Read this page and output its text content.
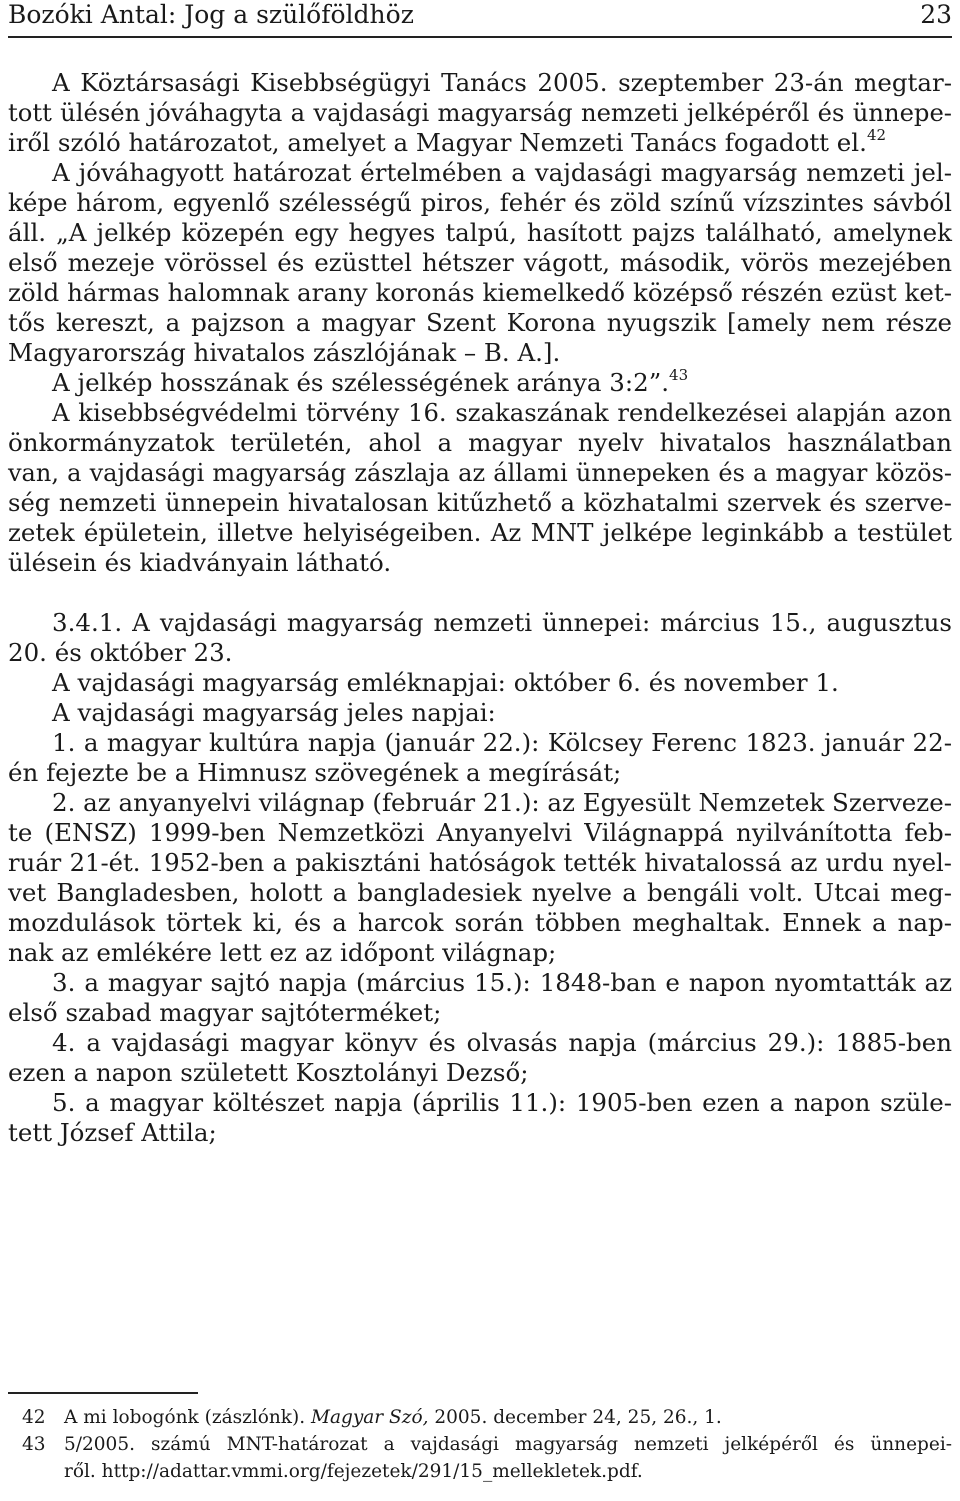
Bozóki Antal: Jog a szülőföldhöz	23
A Köztársasági Kisebbségügyi Tanács 2005. szeptember 23-án megtar-
tott ülésén jóváhagyta a vajdasági magyarság nemzeti jelképéről és ünnepe-
iről szóló határozatot, amelyet a Magyar Nemzeti Tanács fogadott el.$^{42}$
A jóváhagyott határozat értelmében a vajdasági magyarság nemzeti jel-
képe három, egyenlő szélességű piros, fehér és zöld színű vízszintes sávból
áll. „A jelkép közepén egy hegyes talpú, hasított pajzs található, amelynek
első mezeje vörössel és ezüsttel hétszer vágott, második, vörös mezejében
zöld hármas halomnak arany koronás kiemelkedő középső részén ezüst ket-
tős kereszt, a pajzson a magyar Szent Korona nyugszik [amely nem része
Magyarország hivatalos zászlójának – B. A.].
A jelkép hosszának és szélességének aránya 3:2”.$^{43}$
A kisebbségvédelmi törvény 16. szakaszának rendelkezései alapján azon
önkormányzatok területén, ahol a magyar nyelv hivatalos használatban
van, a vajdasági magyarság zászlaja az állami ünnepeken és a magyar közös-
ség nemzeti ünnepein hivatalosan kitűzhető a közhatalmi szervek és szerve-
zetek épületein, illetve helyiségeiben. Az MNT jelképe leginkább a testület
ülésein és kiadványain látható.
3.4.1. A vajdasági magyarság nemzeti ünnepei: március 15., augusztus
20. és október 23.
A vajdasági magyarság emléknapjai: október 6. és november 1.
A vajdasági magyarság jeles napjai:
1. a magyar kultúra napja (január 22.): Kölcsey Ferenc 1823. január 22-
én fejezte be a Himnusz szövegének a megírását;
2. az anyanyelvi világnap (február 21.): az Egyesült Nemzetek Szerveze-
te (ENSZ) 1999-ben Nemzetközi Anyanyelvi Világnappá nyilvánította feb-
ruár 21-ét. 1952-ben a pakisztáni hatóságok tették hivatalossá az urdu nyel-
vet Bangladesben, holott a bangladesiek nyelve a bengáli volt. Utcai meg-
mozdulások törtek ki, és a harcok során többen meghaltak. Ennek a nap-
nak az emlékére lett ez az időpont világnap;
3. a magyar sajtó napja (március 15.): 1848-ban e napon nyomtatták az
első szabad magyar sajtóterméket;
4. a vajdasági magyar könyv és olvasás napja (március 29.): 1885-ben
ezen a napon született Kosztolányi Dezső;
5. a magyar költészet napja (április 11.): 1905-ben ezen a napon szüle-
tett József Attila;
42 A mi lobogónk (zászlónk). Magyar Szó, 2005. december 24, 25, 26., 1.
43 5/2005. számú MNT-határozat a vajdasági magyarság nemzeti jelképéről és ünnepei-
ről. http://adattar.vmmi.org/fejezetek/291/15_mellekletek.pdf.
